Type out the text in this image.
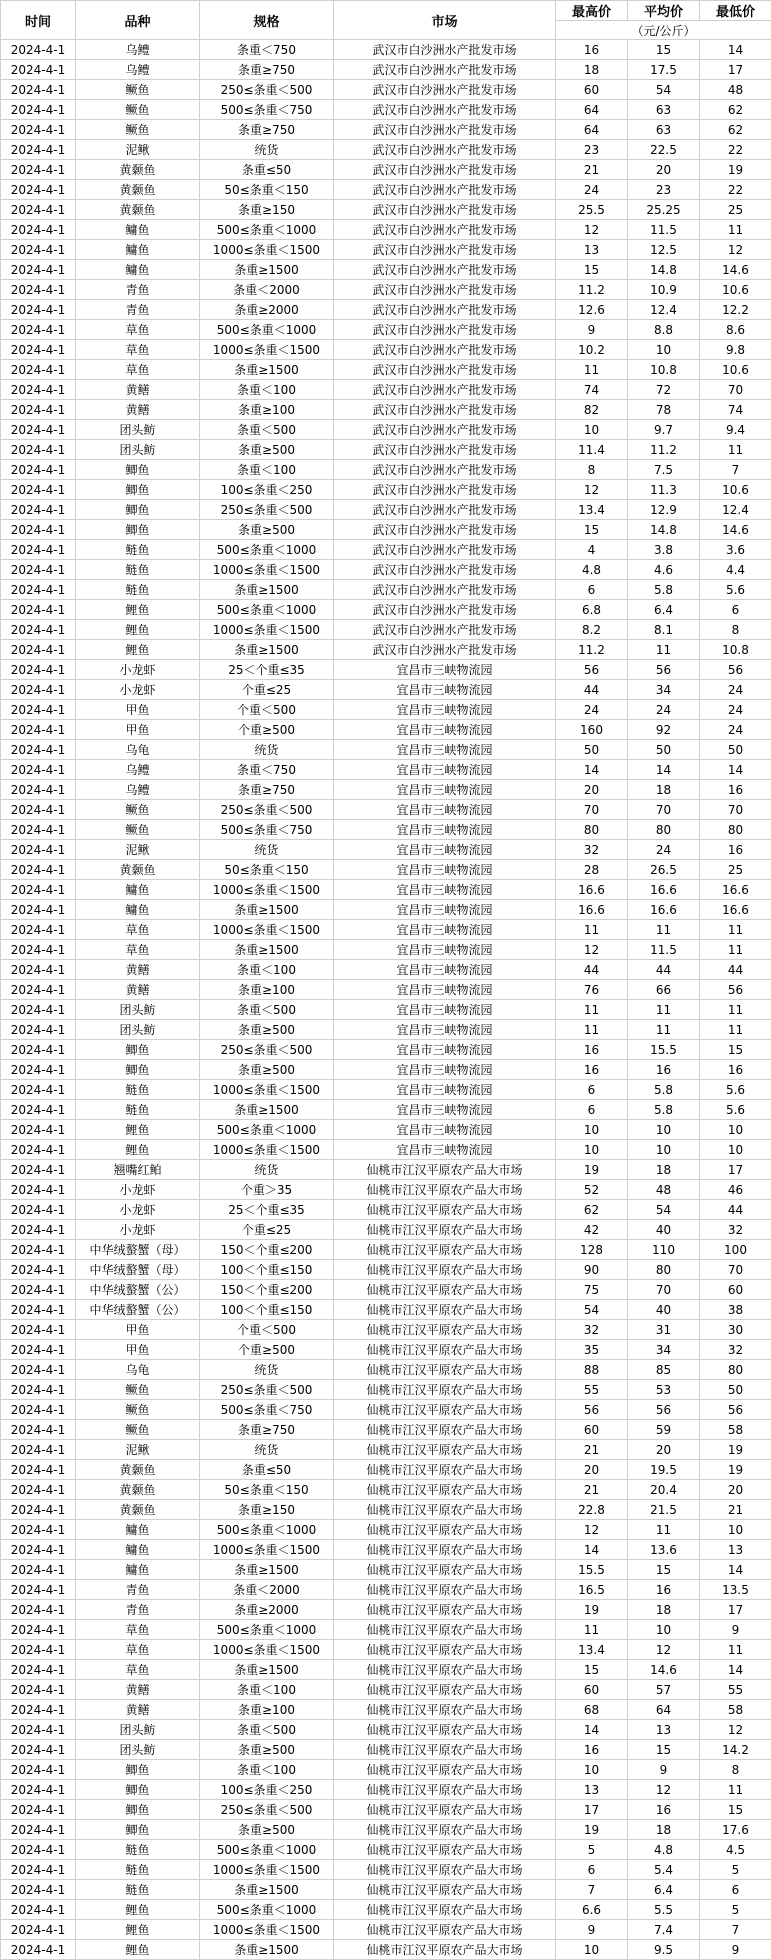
时间	品种	规格	市场	最高价	平均价	最低价
				（元/公斤）		
2024-4-1	乌鳢	条重＜750	武汉市白沙洲水产批发市场	16	15	14
2024-4-1	乌鳢	条重≥750	武汉市白沙洲水产批发市场	18	17.5	17
2024-4-1	鳜鱼	250≤条重＜500	武汉市白沙洲水产批发市场	60	54	48
2024-4-1	鳜鱼	500≤条重＜750	武汉市白沙洲水产批发市场	64	63	62
2024-4-1	鳜鱼	条重≥750	武汉市白沙洲水产批发市场	64	63	62
2024-4-1	泥鳅	统货	武汉市白沙洲水产批发市场	23	22.5	22
2024-4-1	黄颡鱼	条重≤50	武汉市白沙洲水产批发市场	21	20	19
2024-4-1	黄颡鱼	50≤条重＜150	武汉市白沙洲水产批发市场	24	23	22
2024-4-1	黄颡鱼	条重≥150	武汉市白沙洲水产批发市场	25.5	25.25	25
2024-4-1	鳙鱼	500≤条重＜1000	武汉市白沙洲水产批发市场	12	11.5	11
2024-4-1	鳙鱼	1000≤条重＜1500	武汉市白沙洲水产批发市场	13	12.5	12
2024-4-1	鳙鱼	条重≥1500	武汉市白沙洲水产批发市场	15	14.8	14.6
2024-4-1	青鱼	条重＜2000	武汉市白沙洲水产批发市场	11.2	10.9	10.6
2024-4-1	青鱼	条重≥2000	武汉市白沙洲水产批发市场	12.6	12.4	12.2
2024-4-1	草鱼	500≤条重＜1000	武汉市白沙洲水产批发市场	9	8.8	8.6
2024-4-1	草鱼	1000≤条重＜1500	武汉市白沙洲水产批发市场	10.2	10	9.8
2024-4-1	草鱼	条重≥1500	武汉市白沙洲水产批发市场	11	10.8	10.6
2024-4-1	黄鳝	条重＜100	武汉市白沙洲水产批发市场	74	72	70
2024-4-1	黄鳝	条重≥100	武汉市白沙洲水产批发市场	82	78	74
2024-4-1	团头鲂	条重＜500	武汉市白沙洲水产批发市场	10	9.7	9.4
2024-4-1	团头鲂	条重≥500	武汉市白沙洲水产批发市场	11.4	11.2	11
2024-4-1	鲫鱼	条重＜100	武汉市白沙洲水产批发市场	8	7.5	7
2024-4-1	鲫鱼	100≤条重＜250	武汉市白沙洲水产批发市场	12	11.3	10.6
2024-4-1	鲫鱼	250≤条重＜500	武汉市白沙洲水产批发市场	13.4	12.9	12.4
2024-4-1	鲫鱼	条重≥500	武汉市白沙洲水产批发市场	15	14.8	14.6
2024-4-1	鲢鱼	500≤条重＜1000	武汉市白沙洲水产批发市场	4	3.8	3.6
2024-4-1	鲢鱼	1000≤条重＜1500	武汉市白沙洲水产批发市场	4.8	4.6	4.4
2024-4-1	鲢鱼	条重≥1500	武汉市白沙洲水产批发市场	6	5.8	5.6
2024-4-1	鲤鱼	500≤条重＜1000	武汉市白沙洲水产批发市场	6.8	6.4	6
2024-4-1	鲤鱼	1000≤条重＜1500	武汉市白沙洲水产批发市场	8.2	8.1	8
2024-4-1	鲤鱼	条重≥1500	武汉市白沙洲水产批发市场	11.2	11	10.8
2024-4-1	小龙虾	25＜个重≤35	宜昌市三峡物流园	56	56	56
2024-4-1	小龙虾	个重≤25	宜昌市三峡物流园	44	34	24
2024-4-1	甲鱼	个重＜500	宜昌市三峡物流园	24	24	24
2024-4-1	甲鱼	个重≥500	宜昌市三峡物流园	160	92	24
2024-4-1	乌龟	统货	宜昌市三峡物流园	50	50	50
2024-4-1	乌鳢	条重＜750	宜昌市三峡物流园	14	14	14
2024-4-1	乌鳢	条重≥750	宜昌市三峡物流园	20	18	16
2024-4-1	鳜鱼	250≤条重＜500	宜昌市三峡物流园	70	70	70
2024-4-1	鳜鱼	500≤条重＜750	宜昌市三峡物流园	80	80	80
2024-4-1	泥鳅	统货	宜昌市三峡物流园	32	24	16
2024-4-1	黄颡鱼	50≤条重＜150	宜昌市三峡物流园	28	26.5	25
2024-4-1	鳙鱼	1000≤条重＜1500	宜昌市三峡物流园	16.6	16.6	16.6
2024-4-1	鳙鱼	条重≥1500	宜昌市三峡物流园	16.6	16.6	16.6
2024-4-1	草鱼	1000≤条重＜1500	宜昌市三峡物流园	11	11	11
2024-4-1	草鱼	条重≥1500	宜昌市三峡物流园	12	11.5	11
2024-4-1	黄鳝	条重＜100	宜昌市三峡物流园	44	44	44
2024-4-1	黄鳝	条重≥100	宜昌市三峡物流园	76	66	56
2024-4-1	团头鲂	条重＜500	宜昌市三峡物流园	11	11	11
2024-4-1	团头鲂	条重≥500	宜昌市三峡物流园	11	11	11
2024-4-1	鲫鱼	250≤条重＜500	宜昌市三峡物流园	16	15.5	15
2024-4-1	鲫鱼	条重≥500	宜昌市三峡物流园	16	16	16
2024-4-1	鲢鱼	1000≤条重＜1500	宜昌市三峡物流园	6	5.8	5.6
2024-4-1	鲢鱼	条重≥1500	宜昌市三峡物流园	6	5.8	5.6
2024-4-1	鲤鱼	500≤条重＜1000	宜昌市三峡物流园	10	10	10
2024-4-1	鲤鱼	1000≤条重＜1500	宜昌市三峡物流园	10	10	10
2024-4-1	翘嘴红鲌	统货	仙桃市江汉平原农产品大市场	19	18	17
2024-4-1	小龙虾	个重＞35	仙桃市江汉平原农产品大市场	52	48	46
2024-4-1	小龙虾	25＜个重≤35	仙桃市江汉平原农产品大市场	62	54	44
2024-4-1	小龙虾	个重≤25	仙桃市江汉平原农产品大市场	42	40	32
2024-4-1	中华绒螯蟹（母）	150＜个重≤200	仙桃市江汉平原农产品大市场	128	110	100
2024-4-1	中华绒螯蟹（母）	100＜个重≤150	仙桃市江汉平原农产品大市场	90	80	70
2024-4-1	中华绒螯蟹（公）	150＜个重≤200	仙桃市江汉平原农产品大市场	75	70	60
2024-4-1	中华绒螯蟹（公）	100＜个重≤150	仙桃市江汉平原农产品大市场	54	40	38
2024-4-1	甲鱼	个重＜500	仙桃市江汉平原农产品大市场	32	31	30
2024-4-1	甲鱼	个重≥500	仙桃市江汉平原农产品大市场	35	34	32
2024-4-1	乌龟	统货	仙桃市江汉平原农产品大市场	88	85	80
2024-4-1	鳜鱼	250≤条重＜500	仙桃市江汉平原农产品大市场	55	53	50
2024-4-1	鳜鱼	500≤条重＜750	仙桃市江汉平原农产品大市场	56	56	56
2024-4-1	鳜鱼	条重≥750	仙桃市江汉平原农产品大市场	60	59	58
2024-4-1	泥鳅	统货	仙桃市江汉平原农产品大市场	21	20	19
2024-4-1	黄颡鱼	条重≤50	仙桃市江汉平原农产品大市场	20	19.5	19
2024-4-1	黄颡鱼	50≤条重＜150	仙桃市江汉平原农产品大市场	21	20.4	20
2024-4-1	黄颡鱼	条重≥150	仙桃市江汉平原农产品大市场	22.8	21.5	21
2024-4-1	鳙鱼	500≤条重＜1000	仙桃市江汉平原农产品大市场	12	11	10
2024-4-1	鳙鱼	1000≤条重＜1500	仙桃市江汉平原农产品大市场	14	13.6	13
2024-4-1	鳙鱼	条重≥1500	仙桃市江汉平原农产品大市场	15.5	15	14
2024-4-1	青鱼	条重＜2000	仙桃市江汉平原农产品大市场	16.5	16	13.5
2024-4-1	青鱼	条重≥2000	仙桃市江汉平原农产品大市场	19	18	17
2024-4-1	草鱼	500≤条重＜1000	仙桃市江汉平原农产品大市场	11	10	9
2024-4-1	草鱼	1000≤条重＜1500	仙桃市江汉平原农产品大市场	13.4	12	11
2024-4-1	草鱼	条重≥1500	仙桃市江汉平原农产品大市场	15	14.6	14
2024-4-1	黄鳝	条重＜100	仙桃市江汉平原农产品大市场	60	57	55
2024-4-1	黄鳝	条重≥100	仙桃市江汉平原农产品大市场	68	64	58
2024-4-1	团头鲂	条重＜500	仙桃市江汉平原农产品大市场	14	13	12
2024-4-1	团头鲂	条重≥500	仙桃市江汉平原农产品大市场	16	15	14.2
2024-4-1	鲫鱼	条重＜100	仙桃市江汉平原农产品大市场	10	9	8
2024-4-1	鲫鱼	100≤条重＜250	仙桃市江汉平原农产品大市场	13	12	11
2024-4-1	鲫鱼	250≤条重＜500	仙桃市江汉平原农产品大市场	17	16	15
2024-4-1	鲫鱼	条重≥500	仙桃市江汉平原农产品大市场	19	18	17.6
2024-4-1	鲢鱼	500≤条重＜1000	仙桃市江汉平原农产品大市场	5	4.8	4.5
2024-4-1	鲢鱼	1000≤条重＜1500	仙桃市江汉平原农产品大市场	6	5.4	5
2024-4-1	鲢鱼	条重≥1500	仙桃市江汉平原农产品大市场	7	6.4	6
2024-4-1	鲤鱼	500≤条重＜1000	仙桃市江汉平原农产品大市场	6.6	5.5	5
2024-4-1	鲤鱼	1000≤条重＜1500	仙桃市江汉平原农产品大市场	9	7.4	7
2024-4-1	鲤鱼	条重≥1500	仙桃市江汉平原农产品大市场	10	9.5	9
